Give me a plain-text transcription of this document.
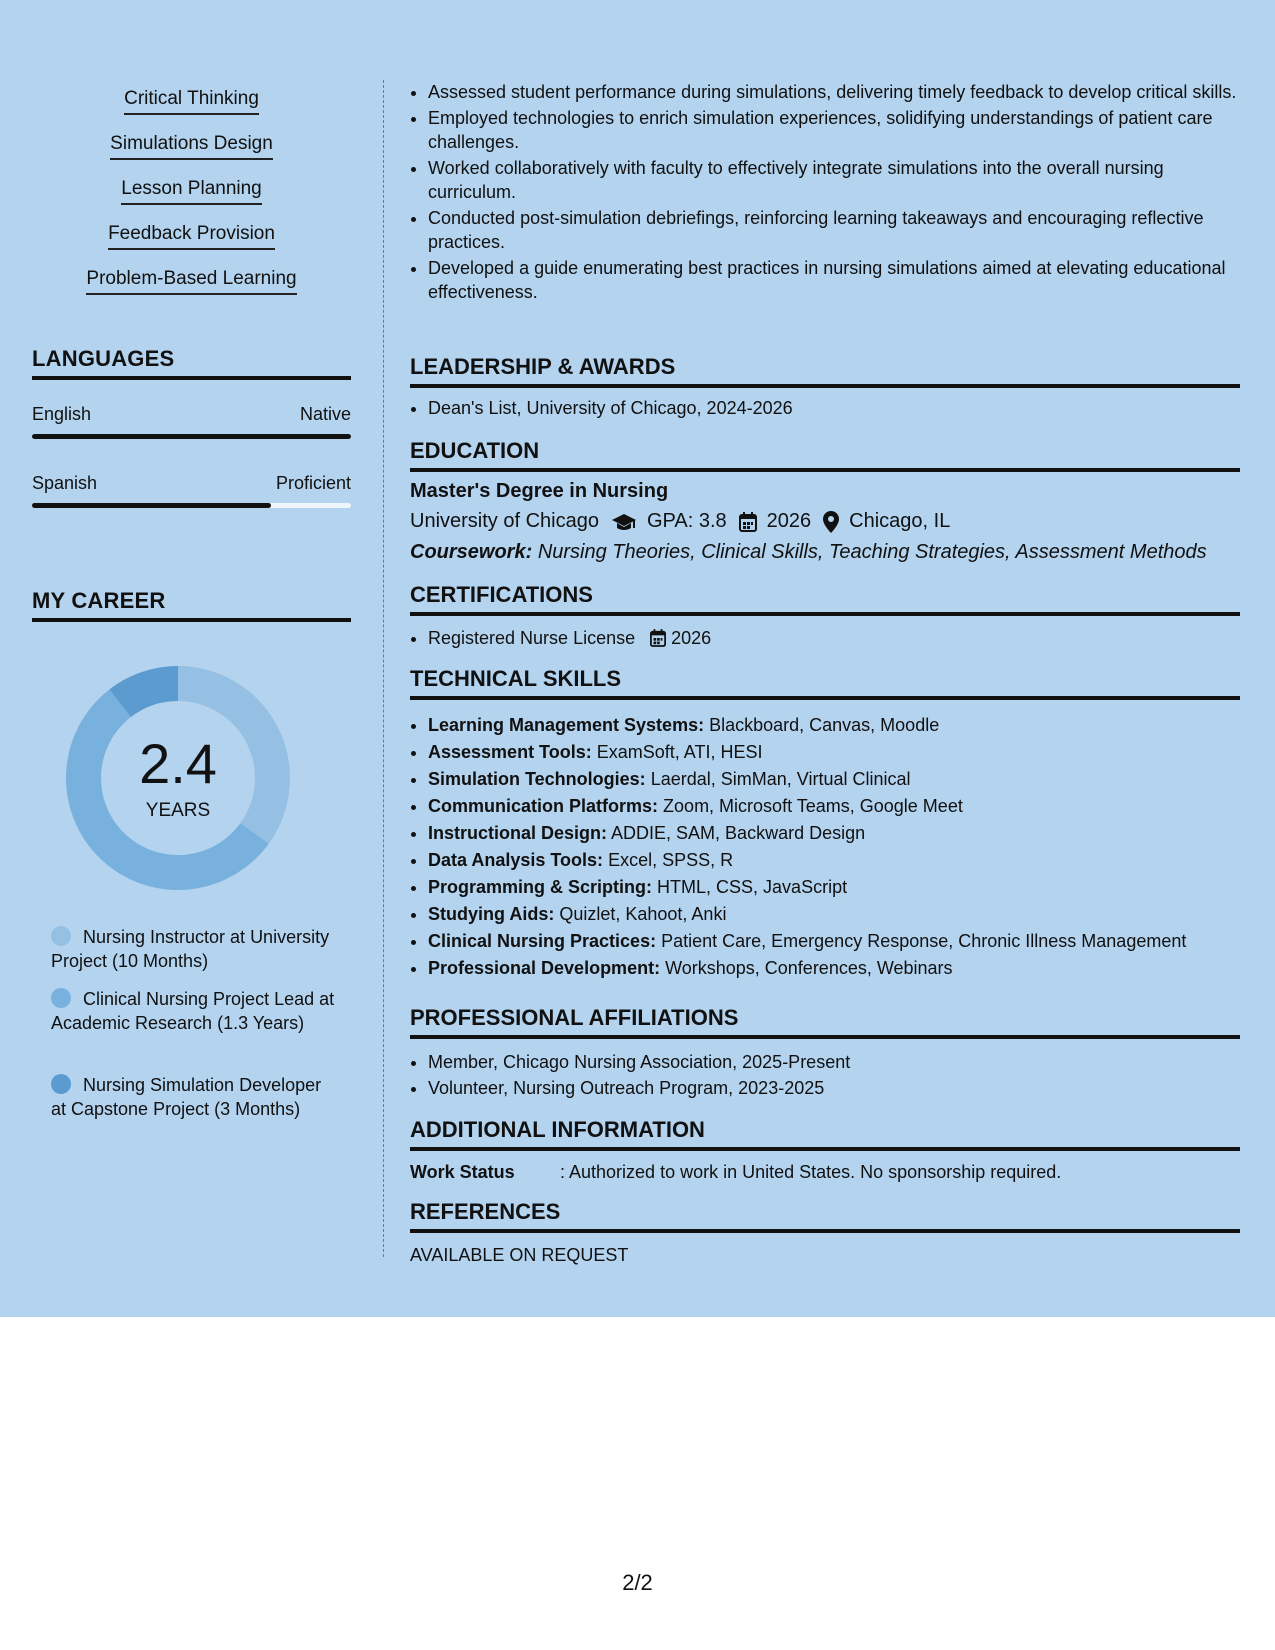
Critical Thinking
Simulations Design
Lesson Planning
Feedback Provision
Problem-Based Learning
LANGUAGES
English	Native
Spanish	Proficient
MY CAREER
2.4
YEARS
Nursing Instructor at University Project (10 Months)
Clinical Nursing Project Lead at Academic Research (1.3 Years)
Nursing Simulation Developer at Capstone Project (3 Months)
• Assessed student performance during simulations, delivering timely feedback to develop critical skills.
• Employed technologies to enrich simulation experiences, solidifying understandings of patient care challenges.
• Worked collaboratively with faculty to effectively integrate simulations into the overall nursing curriculum.
• Conducted post-simulation debriefings, reinforcing learning takeaways and encouraging reflective practices.
• Developed a guide enumerating best practices in nursing simulations aimed at elevating educational effectiveness.
LEADERSHIP & AWARDS
• Dean's List, University of Chicago, 2024-2026
EDUCATION
Master's Degree in Nursing
University of Chicago GPA: 3.8 2026 Chicago, IL
Coursework: Nursing Theories, Clinical Skills, Teaching Strategies, Assessment Methods
CERTIFICATIONS
• Registered Nurse License 2026
TECHNICAL SKILLS
• Learning Management Systems: Blackboard, Canvas, Moodle
• Assessment Tools: ExamSoft, ATI, HESI
• Simulation Technologies: Laerdal, SimMan, Virtual Clinical
• Communication Platforms: Zoom, Microsoft Teams, Google Meet
• Instructional Design: ADDIE, SAM, Backward Design
• Data Analysis Tools: Excel, SPSS, R
• Programming & Scripting: HTML, CSS, JavaScript
• Studying Aids: Quizlet, Kahoot, Anki
• Clinical Nursing Practices: Patient Care, Emergency Response, Chronic Illness Management
• Professional Development: Workshops, Conferences, Webinars
PROFESSIONAL AFFILIATIONS
• Member, Chicago Nursing Association, 2025-Present
• Volunteer, Nursing Outreach Program, 2023-2025
ADDITIONAL INFORMATION
Work Status	: Authorized to work in United States. No sponsorship required.
REFERENCES
AVAILABLE ON REQUEST
2/2
